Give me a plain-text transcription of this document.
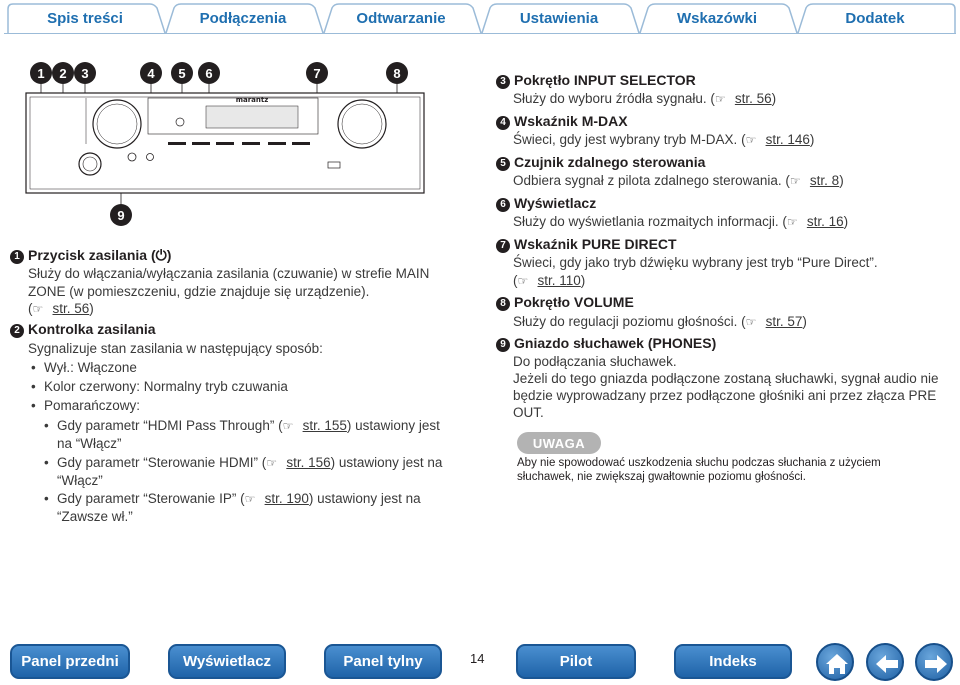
Spis treści	Podłączenia	Odtwarzanie	Ustawienia	Wskazówki	Dodatek
1	2	3	4	5	6	7	8
9
marantz
1 Przycisk zasilania (⏻)
Służy do włączania/wyłączania zasilania (czuwanie) w strefie MAIN
ZONE (w pomieszczeniu, gdzie znajduje się urządzenie).
(☞ str. 56)
2 Kontrolka zasilania
Sygnalizuje stan zasilania w następujący sposób:
• Wył.: Włączone
• Kolor czerwony: Normalny tryb czuwania
• Pomarańczowy:
• Gdy parametr “HDMI Pass Through” (☞ str. 155) ustawiony jest
na “Włącz”
• Gdy parametr “Sterowanie HDMI” (☞ str. 156) ustawiony jest na
“Włącz”
• Gdy parametr “Sterowanie IP” (☞ str. 190) ustawiony jest na
“Zawsze wł.”
3 Pokrętło INPUT SELECTOR
Służy do wyboru źródła sygnału. (☞ str. 56)
4 Wskaźnik M-DAX
Świeci, gdy jest wybrany tryb M-DAX. (☞ str. 146)
5 Czujnik zdalnego sterowania
Odbiera sygnał z pilota zdalnego sterowania. (☞ str. 8)
6 Wyświetlacz
Służy do wyświetlania rozmaitych informacji. (☞ str. 16)
7 Wskaźnik PURE DIRECT
Świeci, gdy jako tryb dźwięku wybrany jest tryb “Pure Direct”.
(☞ str. 110)
8 Pokrętło VOLUME
Służy do regulacji poziomu głośności. (☞ str. 57)
9 Gniazdo słuchawek (PHONES)
Do podłączania słuchawek.
Jeżeli do tego gniazda podłączone zostaną słuchawki, sygnał audio nie
będzie wyprowadzany przez podłączone głośniki ani przez złącza PRE
OUT.
UWAGA
Aby nie spowodować uszkodzenia słuchu podczas słuchania z użyciem
słuchawek, nie zwiększaj gwałtownie poziomu głośności.
Panel przedni	Wyświetlacz	Panel tylny	14	Pilot	Indeks
